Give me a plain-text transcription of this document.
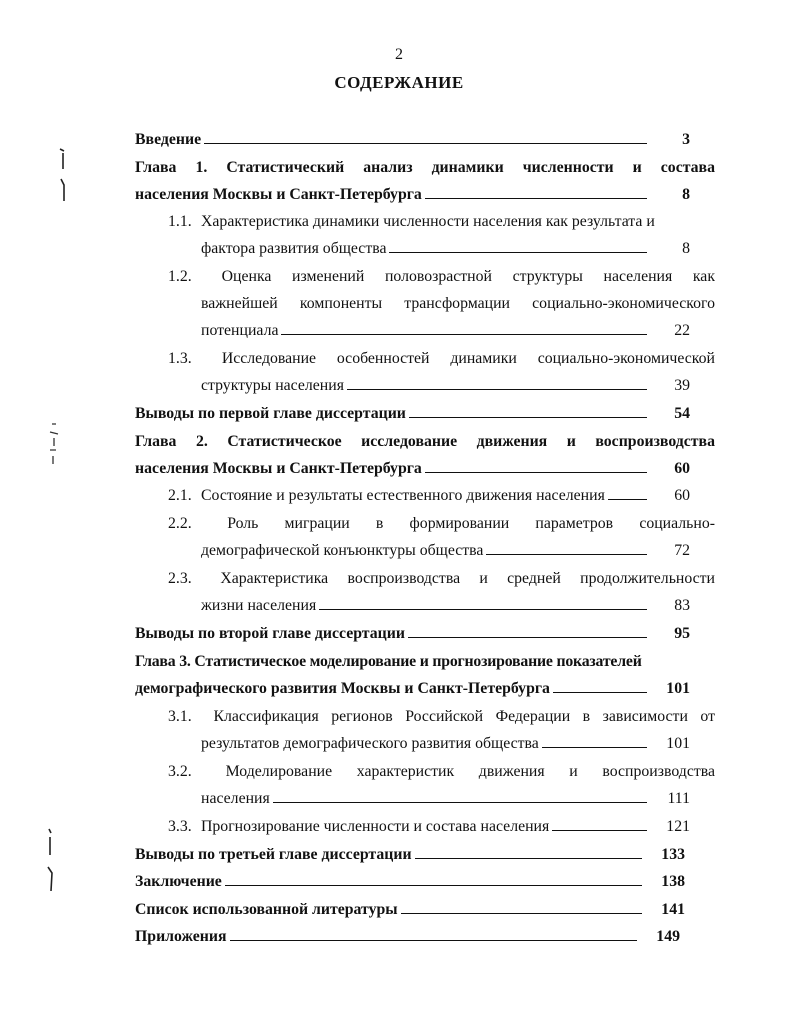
2
СОДЕРЖАНИЕ
Введение	3
Глава 1. Статистический анализ динамики численности и состава
населения Москвы и Санкт-Петербурга	8
1.1. Характеристика динамики численности населения как результата и
фактора развития общества	8
1.2. Оценка изменений половозрастной структуры населения как
важнейшей компоненты трансформации социально-экономического
потенциала	22
1.3. Исследование особенностей динамики социально-экономической
структуры населения	39
Выводы по первой главе диссертации	54
Глава 2. Статистическое исследование движения и воспроизводства
населения Москвы и Санкт-Петербурга	60
2.1. Состояние и результаты естественного движения населения	60
2.2. Роль миграции в формировании параметров социально-
демографической конъюнктуры общества	72
2.3. Характеристика воспроизводства и средней продолжительности
жизни населения	83
Выводы по второй главе диссертации	95
Глава 3. Статистическое моделирование и прогнозирование показателей
демографического развития Москвы и Санкт-Петербурга	101
3.1. Классификация регионов Российской Федерации в зависимости от
результатов демографического развития общества	101
3.2. Моделирование характеристик движения и воспроизводства
населения	111
3.3. Прогнозирование численности и состава населения	121
Выводы по третьей главе диссертации	133
Заключение	138
Список использованной литературы	141
Приложения	149
